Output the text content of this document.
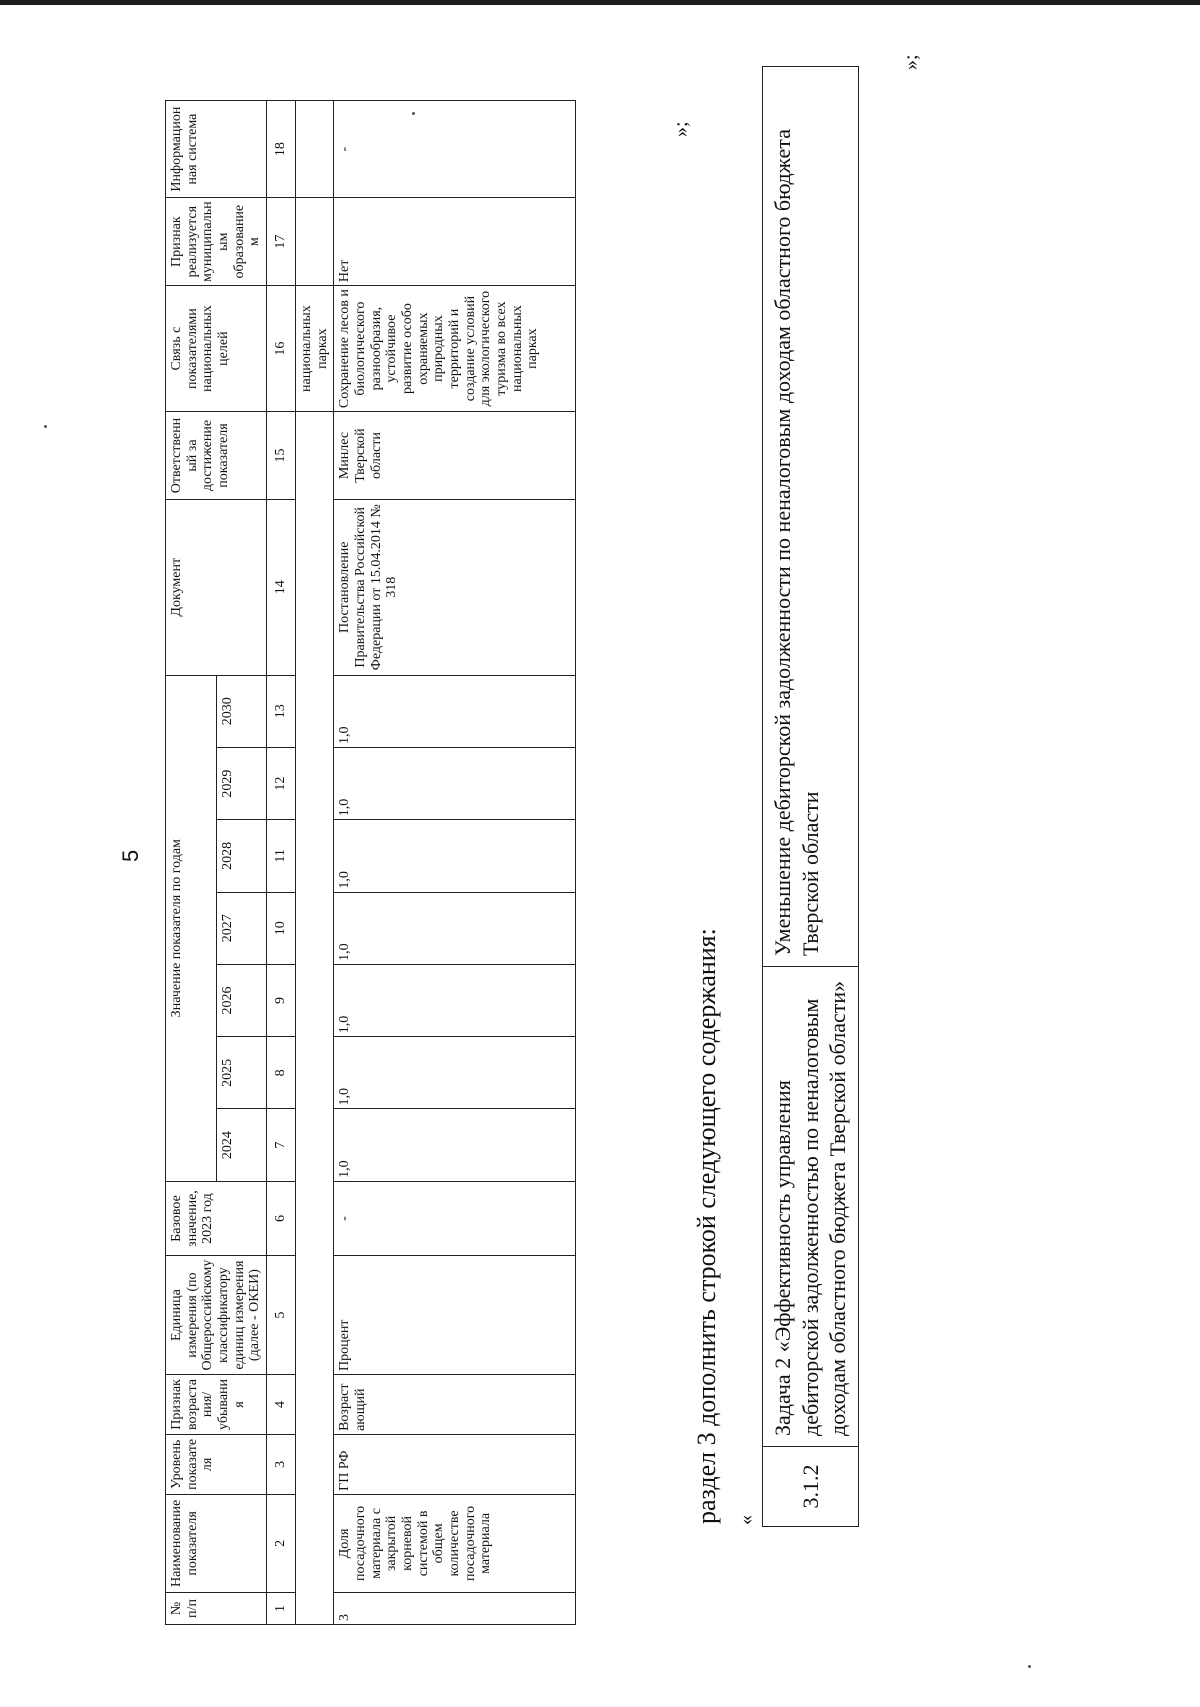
5
№ п/п	Наименование показателя	Уровень показателя	Признак возрастания/ убывания	Единица измерения (по Общероссийскому классификатору единиц измерения (далее - ОКЕИ)	Базовое значение, 2023 год	Значение показателя по годам							Документ	Ответственный за достижение показателя	Связь с показателями национальных целей	Признак реализуется муниципальным образованием	Информационная система
						2024	2025	2026	2027	2028	2029	2030					
1	2	3	4	5	6	7	8	9	10	11	12	13	14	15	16	17	18
															национальных парках		
3	Доля посадочного материала с закрытой корневой системой в общем количестве посадочного материала	ГП РФ	Возрастающий	Процент	-	1,0	1,0	1,0	1,0	1,0	1,0	1,0	Постановление Правительства Российской Федерации от 15.04.2014 № 318	Минлес Тверской области	Сохранение лесов и биологического разнообразия, устойчивое развитие особо охраняемых природных территорий и создание условий для экологического туризма во всех национальных парках	Нет	-
»;
раздел 3 дополнить строкой следующего содержания: «
3.1.2	Задача 2 «Эффективность управления дебиторской задолженностью по неналоговым доходам областного бюджета Тверской области»	Уменьшение дебиторской задолженности по неналоговым доходам областного бюджета Тверской области
»;
